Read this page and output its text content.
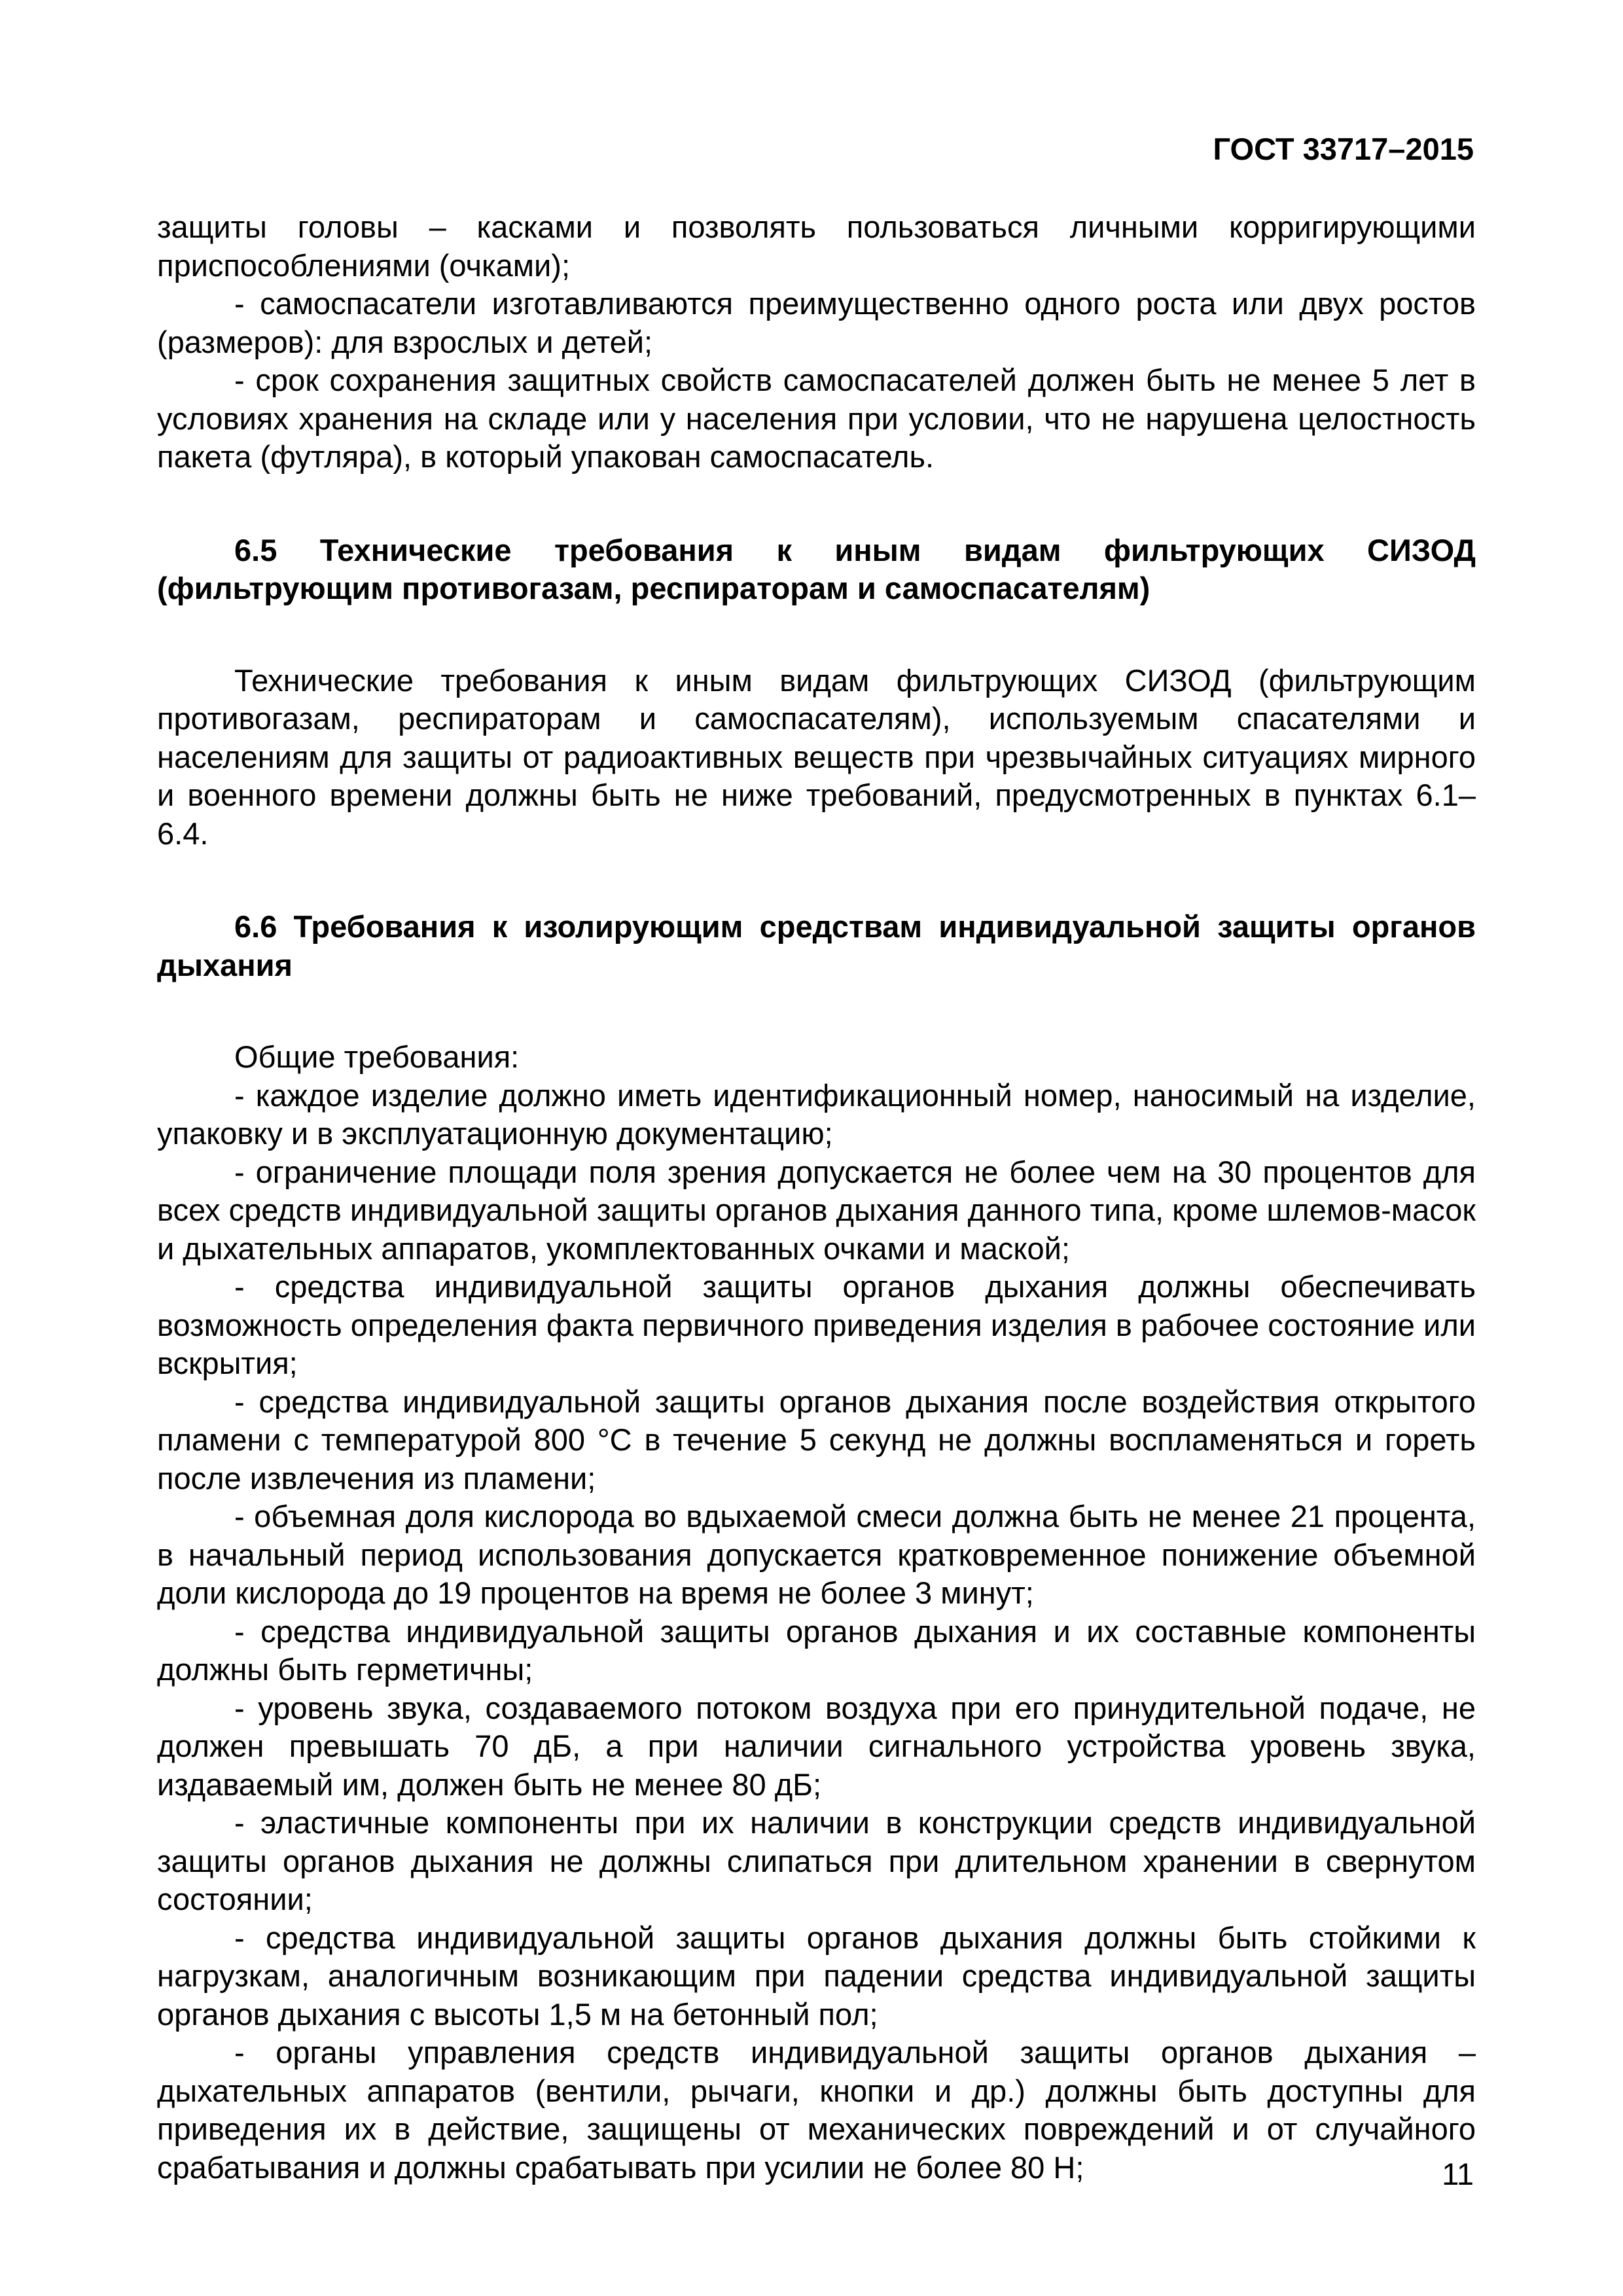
ГОСТ 33717–2015

защиты головы – касками и позволять пользоваться личными корригирующими приспособлениями (очками);

- самоспасатели изготавливаются преимущественно одного роста или двух ростов (размеров): для взрослых и детей;

- срок сохранения защитных свойств самоспасателей должен быть не менее 5 лет в условиях хранения на складе или у населения при условии, что не нарушена целостность пакета (футляра), в который упакован самоспасатель.

6.5 Технические требования к иным видам фильтрующих СИЗОД (фильтрующим противогазам, респираторам и самоспасателям)

Технические требования к иным видам фильтрующих СИЗОД (фильтрующим противогазам, респираторам и самоспасателям), используемым спасателями и населениям для защиты от радиоактивных веществ при чрезвычайных ситуациях мирного и военного времени должны быть не ниже требований, предусмотренных в пунктах 6.1–6.4.

6.6 Требования к изолирующим средствам индивидуальной защиты органов дыхания

Общие требования:

- каждое изделие должно иметь идентификационный номер, наносимый на изделие, упаковку и в эксплуатационную документацию;

- ограничение площади поля зрения допускается не более чем на 30 процентов для всех средств индивидуальной защиты органов дыхания данного типа, кроме шлемов-масок и дыхательных аппаратов, укомплектованных очками и маской;

- средства индивидуальной защиты органов дыхания должны обеспечивать возможность определения факта первичного приведения изделия в рабочее состояние или вскрытия;

- средства индивидуальной защиты органов дыхания после воздействия открытого пламени с температурой 800 °С в течение 5 секунд не должны воспламеняться и гореть после извлечения из пламени;

- объемная доля кислорода во вдыхаемой смеси должна быть не менее 21 процента, в начальный период использования допускается кратковременное понижение объемной доли кислорода до 19 процентов на время не более 3 минут;

- средства индивидуальной защиты органов дыхания и их составные компоненты должны быть герметичны;

- уровень звука, создаваемого потоком воздуха при его принудительной подаче, не должен превышать 70 дБ, а при наличии сигнального устройства уровень звука, издаваемый им, должен быть не менее 80 дБ;

- эластичные компоненты при их наличии в конструкции средств индивидуальной защиты органов дыхания не должны слипаться при длительном хранении в свернутом состоянии;

- средства индивидуальной защиты органов дыхания должны быть стойкими к нагрузкам, аналогичным возникающим при падении средства индивидуальной защиты органов дыхания с высоты 1,5 м на бетонный пол;

- органы управления средств индивидуальной защиты органов дыхания – дыхательных аппаратов (вентили, рычаги, кнопки и др.) должны быть доступны для приведения их в действие, защищены от механических повреждений и от случайного срабатывания и должны срабатывать при усилии не более 80 Н;	11
